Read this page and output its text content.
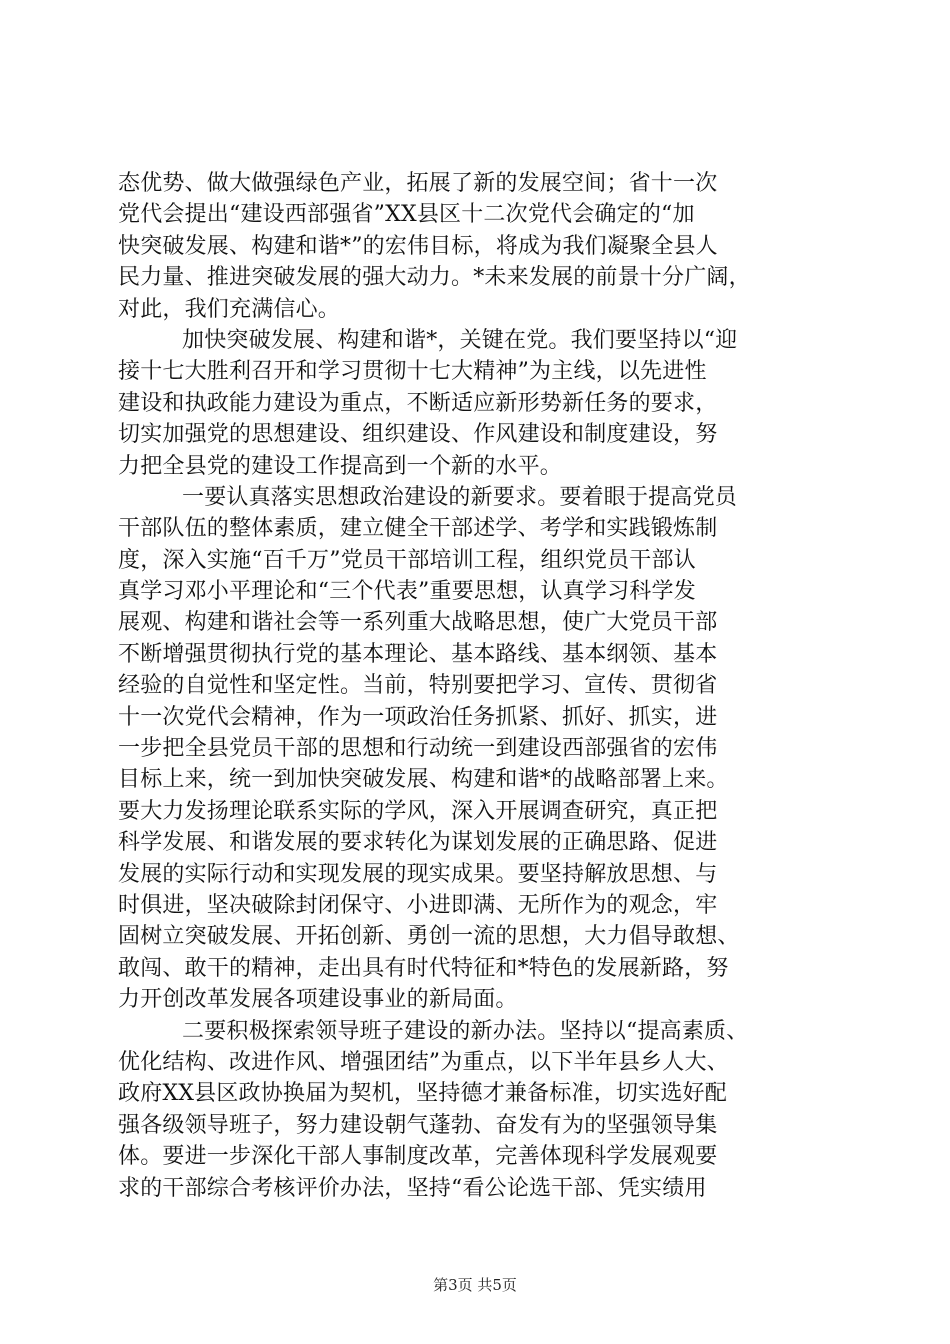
态优势、做大做强绿色产业，拓展了新的发展空间；省十一次
党代会提出“建设西部强省”XX县区十二次党代会确定的“加
快突破发展、构建和谐*”的宏伟目标，将成为我们凝聚全县人
民力量、推进突破发展的强大动力。*未来发展的前景十分广阔，
对此，我们充满信心。
加快突破发展、构建和谐*，关键在党。我们要坚持以“迎
接十七大胜利召开和学习贯彻十七大精神”为主线，以先进性
建设和执政能力建设为重点，不断适应新形势新任务的要求，
切实加强党的思想建设、组织建设、作风建设和制度建设，努
力把全县党的建设工作提高到一个新的水平。
一要认真落实思想政治建设的新要求。要着眼于提高党员
干部队伍的整体素质，建立健全干部述学、考学和实践锻炼制
度，深入实施“百千万”党员干部培训工程，组织党员干部认
真学习邓小平理论和“三个代表”重要思想，认真学习科学发
展观、构建和谐社会等一系列重大战略思想，使广大党员干部
不断增强贯彻执行党的基本理论、基本路线、基本纲领、基本
经验的自觉性和坚定性。当前，特别要把学习、宣传、贯彻省
十一次党代会精神，作为一项政治任务抓紧、抓好、抓实，进
一步把全县党员干部的思想和行动统一到建设西部强省的宏伟
目标上来，统一到加快突破发展、构建和谐*的战略部署上来。
要大力发扬理论联系实际的学风，深入开展调查研究，真正把
科学发展、和谐发展的要求转化为谋划发展的正确思路、促进
发展的实际行动和实现发展的现实成果。要坚持解放思想、与
时俱进，坚决破除封闭保守、小进即满、无所作为的观念，牢
固树立突破发展、开拓创新、勇创一流的思想，大力倡导敢想、
敢闯、敢干的精神，走出具有时代特征和*特色的发展新路，努
力开创改革发展各项建设事业的新局面。
二要积极探索领导班子建设的新办法。坚持以“提高素质、
优化结构、改进作风、增强团结”为重点，以下半年县乡人大、
政府XX县区政协换届为契机，坚持德才兼备标准，切实选好配
强各级领导班子，努力建设朝气蓬勃、奋发有为的坚强领导集
体。要进一步深化干部人事制度改革，完善体现科学发展观要
求的干部综合考核评价办法，坚持“看公论选干部、凭实绩用
第3页 共5页
